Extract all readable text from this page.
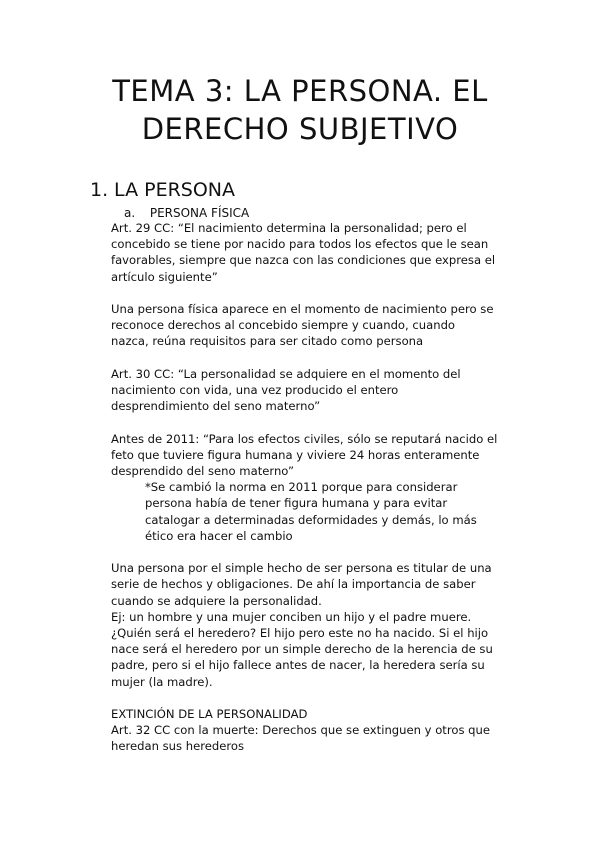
TEMA 3: LA PERSONA. EL
DERECHO SUBJETIVO
1. LA PERSONA
a. PERSONA FÍSICA

Art. 29 CC: “El nacimiento determina la personalidad; pero el
concebido se tiene por nacido para todos los efectos que le sean
favorables, siempre que nazca con las condiciones que expresa el
artículo siguiente”

Una persona física aparece en el momento de nacimiento pero se
reconoce derechos al concebido siempre y cuando, cuando
nazca, reúna requisitos para ser citado como persona

Art. 30 CC: “La personalidad se adquiere en el momento del
nacimiento con vida, una vez producido el entero
desprendimiento del seno materno”

Antes de 2011: “Para los efectos civiles, sólo se reputará nacido el
feto que tuviere figura humana y viviere 24 horas enteramente
desprendido del seno materno”

*Se cambió la norma en 2011 porque para considerar
persona había de tener figura humana y para evitar
catalogar a determinadas deformidades y demás, lo más
ético era hacer el cambio

Una persona por el simple hecho de ser persona es titular de una
serie de hechos y obligaciones. De ahí la importancia de saber
cuando se adquiere la personalidad.

Ej: un hombre y una mujer conciben un hijo y el padre muere.
¿Quién será el heredero? El hijo pero este no ha nacido. Si el hijo
nace será el heredero por un simple derecho de la herencia de su
padre, pero si el hijo fallece antes de nacer, la heredera sería su
mujer (la madre).

EXTINCIÓN DE LA PERSONALIDAD

Art. 32 CC con la muerte: Derechos que se extinguen y otros que
heredan sus herederos
